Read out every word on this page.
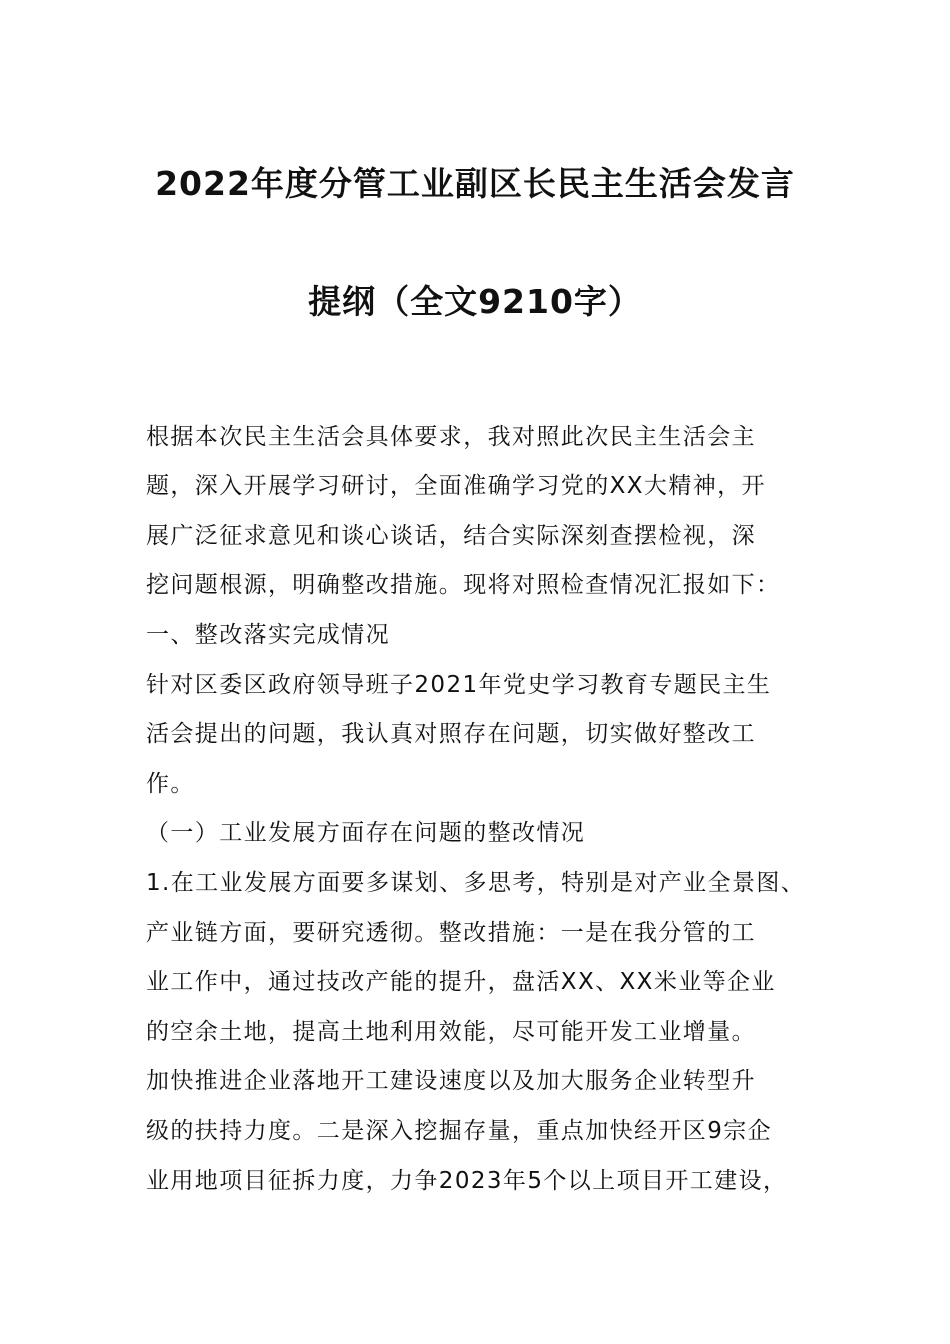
2022年度分管工业副区长民主生活会发言
提纲（全文9210字）
根据本次民主生活会具体要求，我对照此次民主生活会主
题，深入开展学习研讨，全面准确学习党的XX大精神，开
展广泛征求意见和谈心谈话，结合实际深刻查摆检视，深
挖问题根源，明确整改措施。现将对照检查情况汇报如下：
一、整改落实完成情况
针对区委区政府领导班子2021年党史学习教育专题民主生
活会提出的问题，我认真对照存在问题，切实做好整改工
作。
（一）工业发展方面存在问题的整改情况
1.在工业发展方面要多谋划、多思考，特别是对产业全景图、
产业链方面，要研究透彻。整改措施：一是在我分管的工
业工作中，通过技改产能的提升，盘活XX、XX米业等企业
的空余土地，提高土地利用效能，尽可能开发工业增量。
加快推进企业落地开工建设速度以及加大服务企业转型升
级的扶持力度。二是深入挖掘存量，重点加快经开区9宗企
业用地项目征拆力度，力争2023年5个以上项目开工建设，
